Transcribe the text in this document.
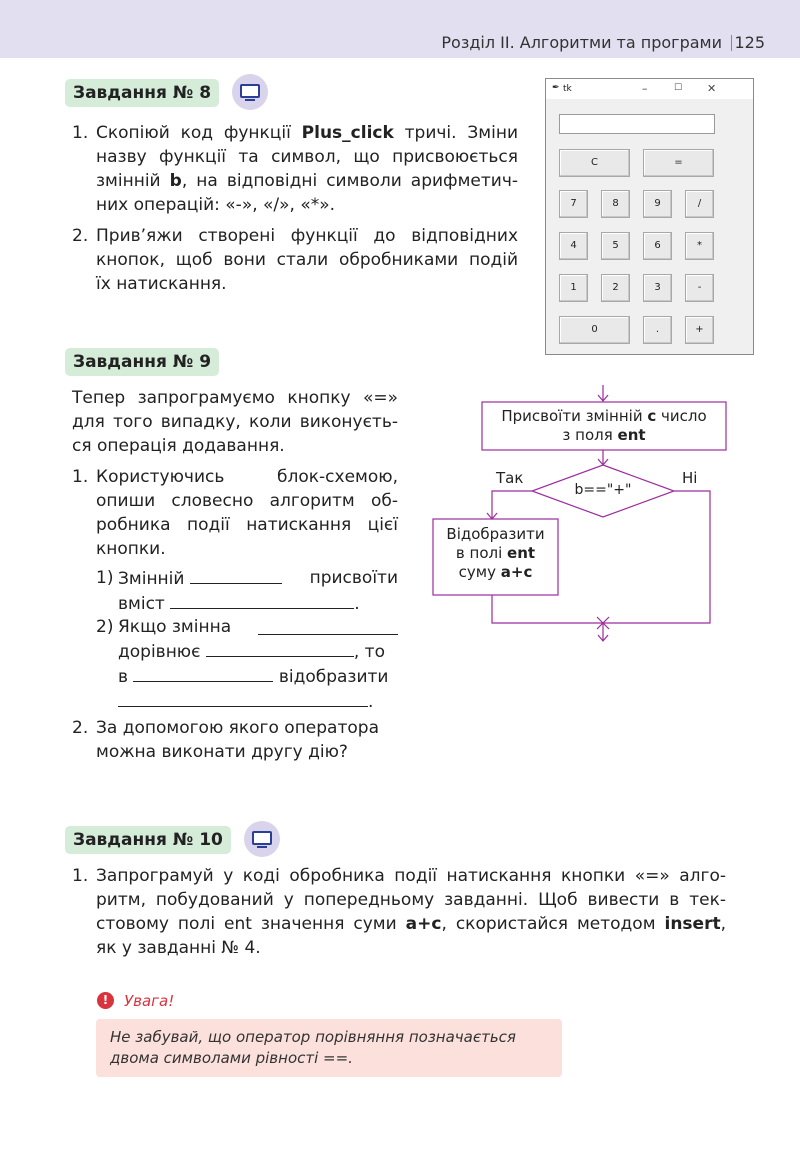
Розділ ІІ. Алгоритми та програми 125
Завдання № 8
1. Скопіюй код функції Plus_click тричі. Зміни
назву функції та символ, що присвоюється
змінній b, на відповідні символи арифметич-
них операцій: «-», «/», «*».
2. Прив’яжи створені функції до відповідних
кнопок, щоб вони стали обробниками подій
їх натискання.
✒ tk	–	☐ ✕
C	=
7	8	9	/
4	5	6	*
1	2	3	-
0	.	+
Завдання № 9
Тепер запрограмуємо кнопку «=»
для того випадку, коли виконуєть-
ся операція додавання.
1. Користуючись блок-схемою,
опиши словесно алгоритм об-
робника події натискання цієї
кнопки.
1) Змінній	присвоїти
вміст	.
2) Якщо змінна
дорівнює	, то
в	відобразити
.
2. За допомогою якого оператора
можна виконати другу дію?
Присвоїти змінній c число
з поля ent
b=="+"
Так	Ні
Відобразити
в полі ent
суму a+c
Завдання № 10
1. Запрограмуй у коді обробника події натискання кнопки «=» алго-
ритм, побудований у попередньому завданні. Щоб вивести в тек-
стовому полі ent значення суми a+c, скористайся методом insert,
як у завданні № 4.
!	Увага!
Не забувай, що оператор порівняння позначається
двома символами рівності ==.
